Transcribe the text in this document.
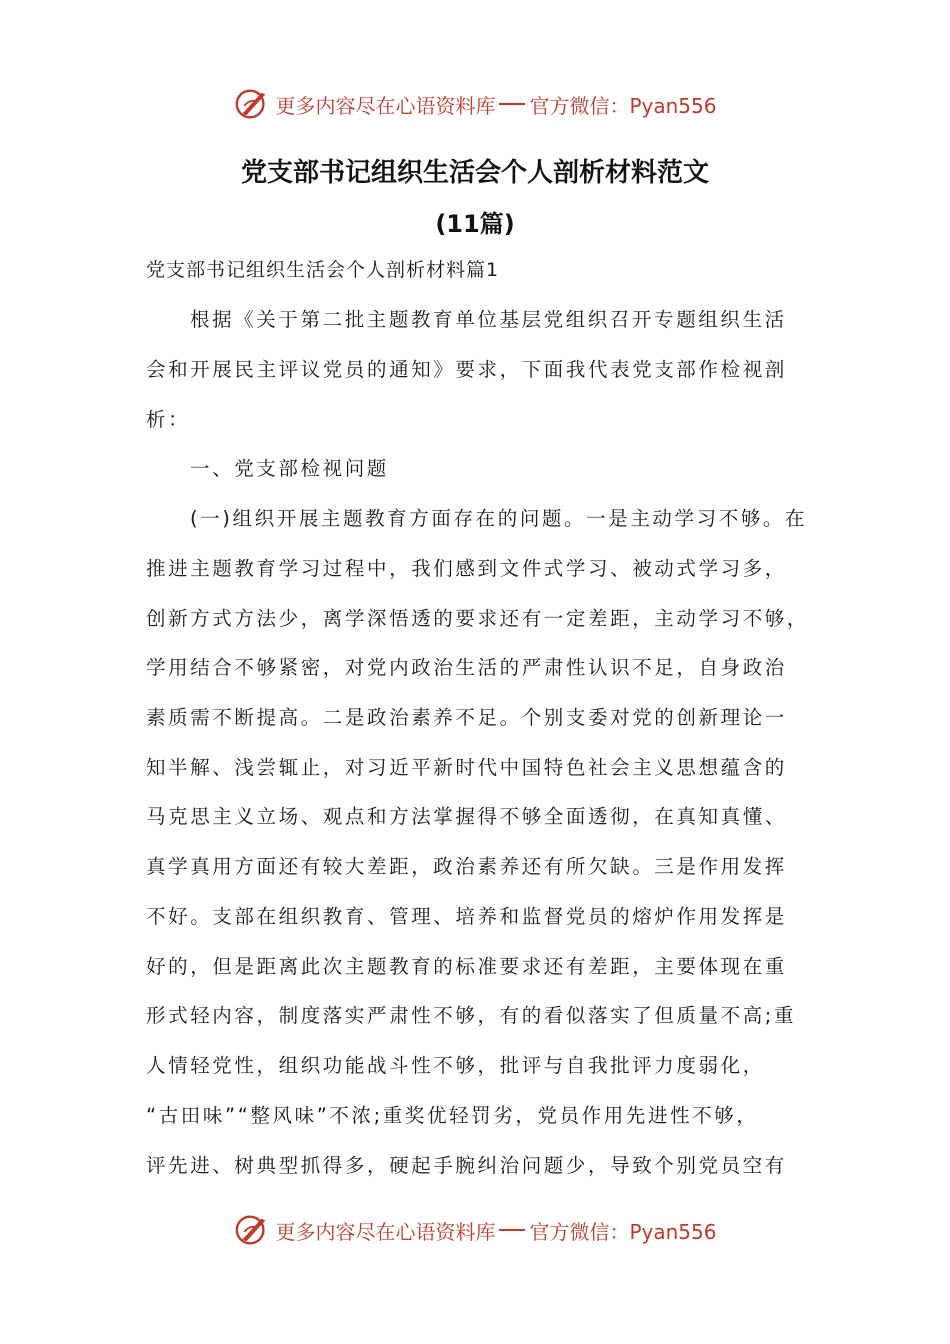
更多内容尽在心语资料库 官方微信：Pyan556
党支部书记组织生活会个人剖析材料范文
(11篇)
党支部书记组织生活会个人剖析材料篇1
根据《关于第二批主题教育单位基层党组织召开专题组织生活
会和开展民主评议党员的通知》要求，下面我代表党支部作检视剖
析：
一、党支部检视问题
(一)组织开展主题教育方面存在的问题。一是主动学习不够。在
推进主题教育学习过程中，我们感到文件式学习、被动式学习多，
创新方式方法少，离学深悟透的要求还有一定差距，主动学习不够，
学用结合不够紧密，对党内政治生活的严肃性认识不足，自身政治
素质需不断提高。二是政治素养不足。个别支委对党的创新理论一
知半解、浅尝辄止，对习近平新时代中国特色社会主义思想蕴含的
马克思主义立场、观点和方法掌握得不够全面透彻，在真知真懂、
真学真用方面还有较大差距，政治素养还有所欠缺。三是作用发挥
不好。支部在组织教育、管理、培养和监督党员的熔炉作用发挥是
好的，但是距离此次主题教育的标准要求还有差距，主要体现在重
形式轻内容，制度落实严肃性不够，有的看似落实了但质量不高;重
人情轻党性，组织功能战斗性不够，批评与自我批评力度弱化，
“古田味”“整风味”不浓;重奖优轻罚劣，党员作用先进性不够，
评先进、树典型抓得多，硬起手腕纠治问题少，导致个别党员空有
更多内容尽在心语资料库 官方微信：Pyan556
